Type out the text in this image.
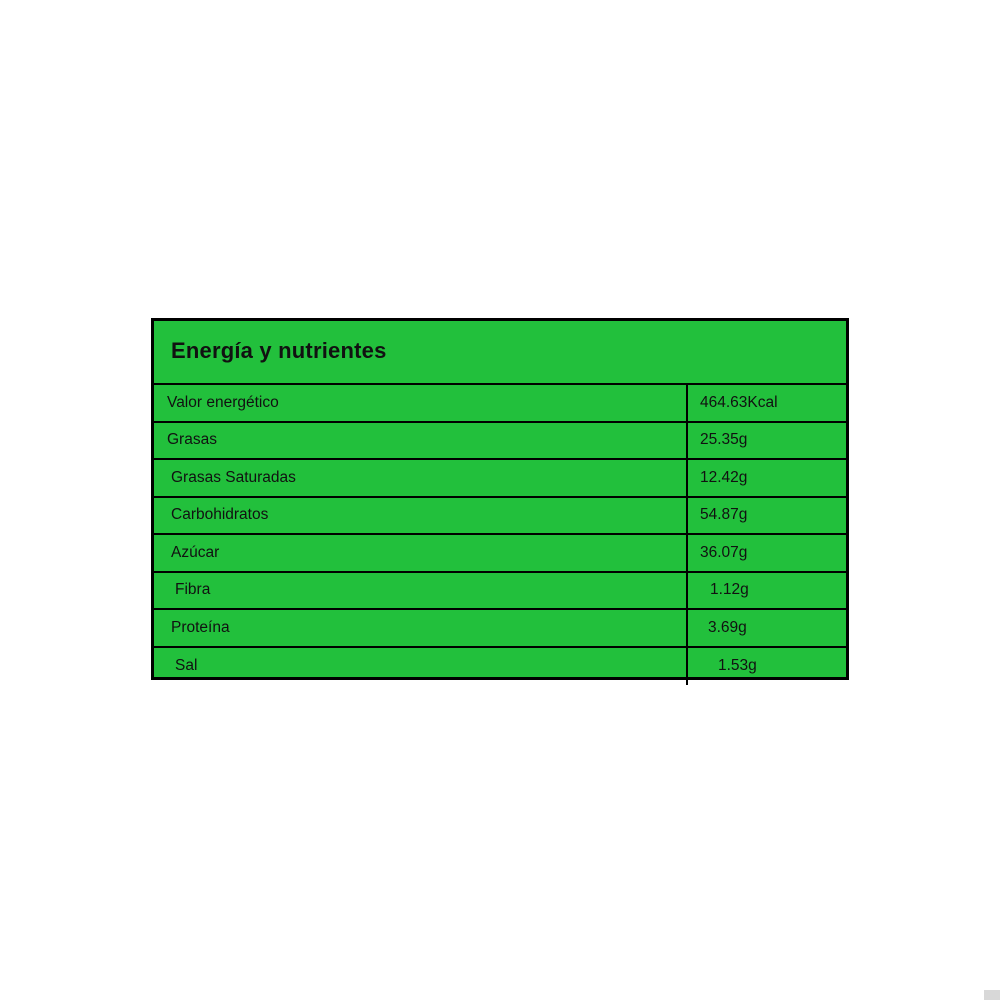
Energía y nutrientes
Valor energético	464.63Kcal
Grasas	25.35g
Grasas Saturadas	12.42g
Carbohidratos	54.87g
Azúcar	36.07g
Fibra	1.12g
Proteína	3.69g
Sal	1.53g
